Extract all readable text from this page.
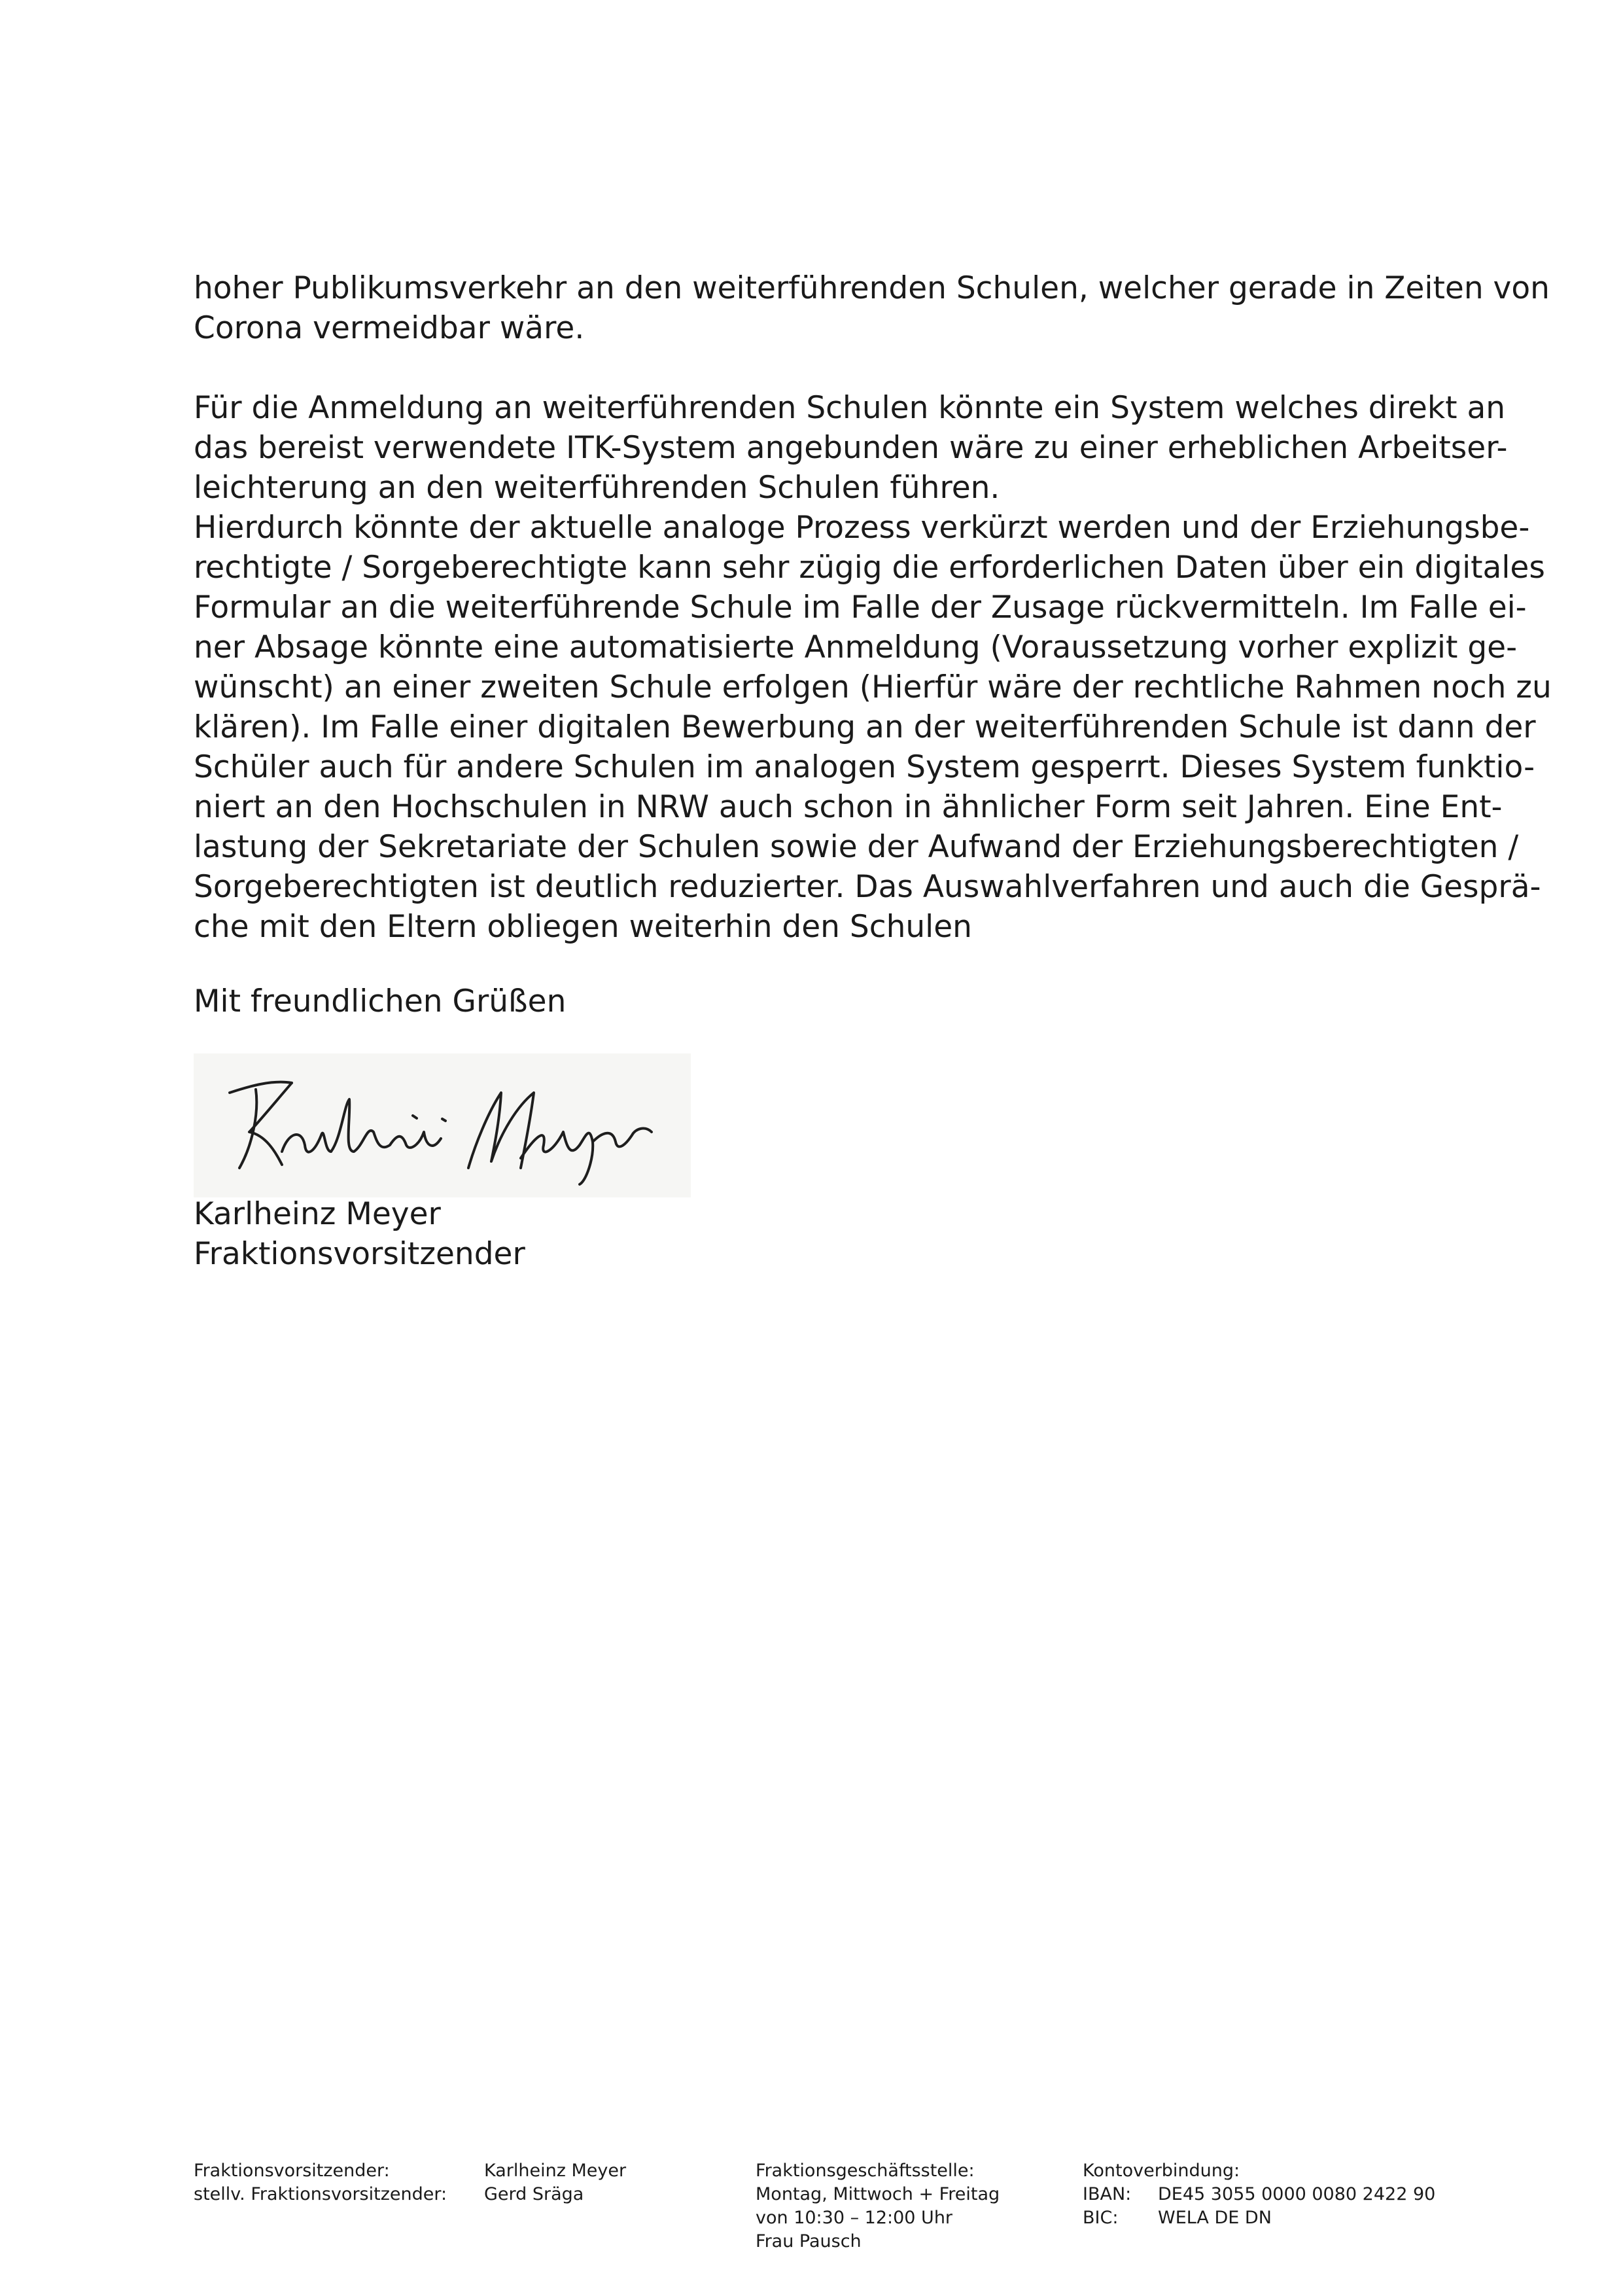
hoher Publikumsverkehr an den weiterführenden Schulen, welcher gerade in Zeiten von
Corona vermeidbar wäre.
Für die Anmeldung an weiterführenden Schulen könnte ein System welches direkt an
das bereist verwendete ITK-System angebunden wäre zu einer erheblichen Arbeitser-
leichterung an den weiterführenden Schulen führen.
Hierdurch könnte der aktuelle analoge Prozess verkürzt werden und der Erziehungsbe-
rechtigte / Sorgeberechtigte kann sehr zügig die erforderlichen Daten über ein digitales
Formular an die weiterführende Schule im Falle der Zusage rückvermitteln. Im Falle ei-
ner Absage könnte eine automatisierte Anmeldung (Voraussetzung vorher explizit ge-
wünscht) an einer zweiten Schule erfolgen (Hierfür wäre der rechtliche Rahmen noch zu
klären). Im Falle einer digitalen Bewerbung an der weiterführenden Schule ist dann der
Schüler auch für andere Schulen im analogen System gesperrt. Dieses System funktio-
niert an den Hochschulen in NRW auch schon in ähnlicher Form seit Jahren. Eine Ent-
lastung der Sekretariate der Schulen sowie der Aufwand der Erziehungsberechtigten /
Sorgeberechtigten ist deutlich reduzierter. Das Auswahlverfahren und auch die Gesprä-
che mit den Eltern obliegen weiterhin den Schulen
Mit freundlichen Grüßen
Karlheinz Meyer
Fraktionsvorsitzender
Fraktionsvorsitzender:
stellv. Fraktionsvorsitzender:
Karlheinz Meyer
Gerd Sräga
Fraktionsgeschäftsstelle:
Montag, Mittwoch + Freitag
von 10:30 – 12:00 Uhr
Frau Pausch
Kontoverbindung:
IBAN: DE45 3055 0000 0080 2422 90
BIC: WELA DE DN
